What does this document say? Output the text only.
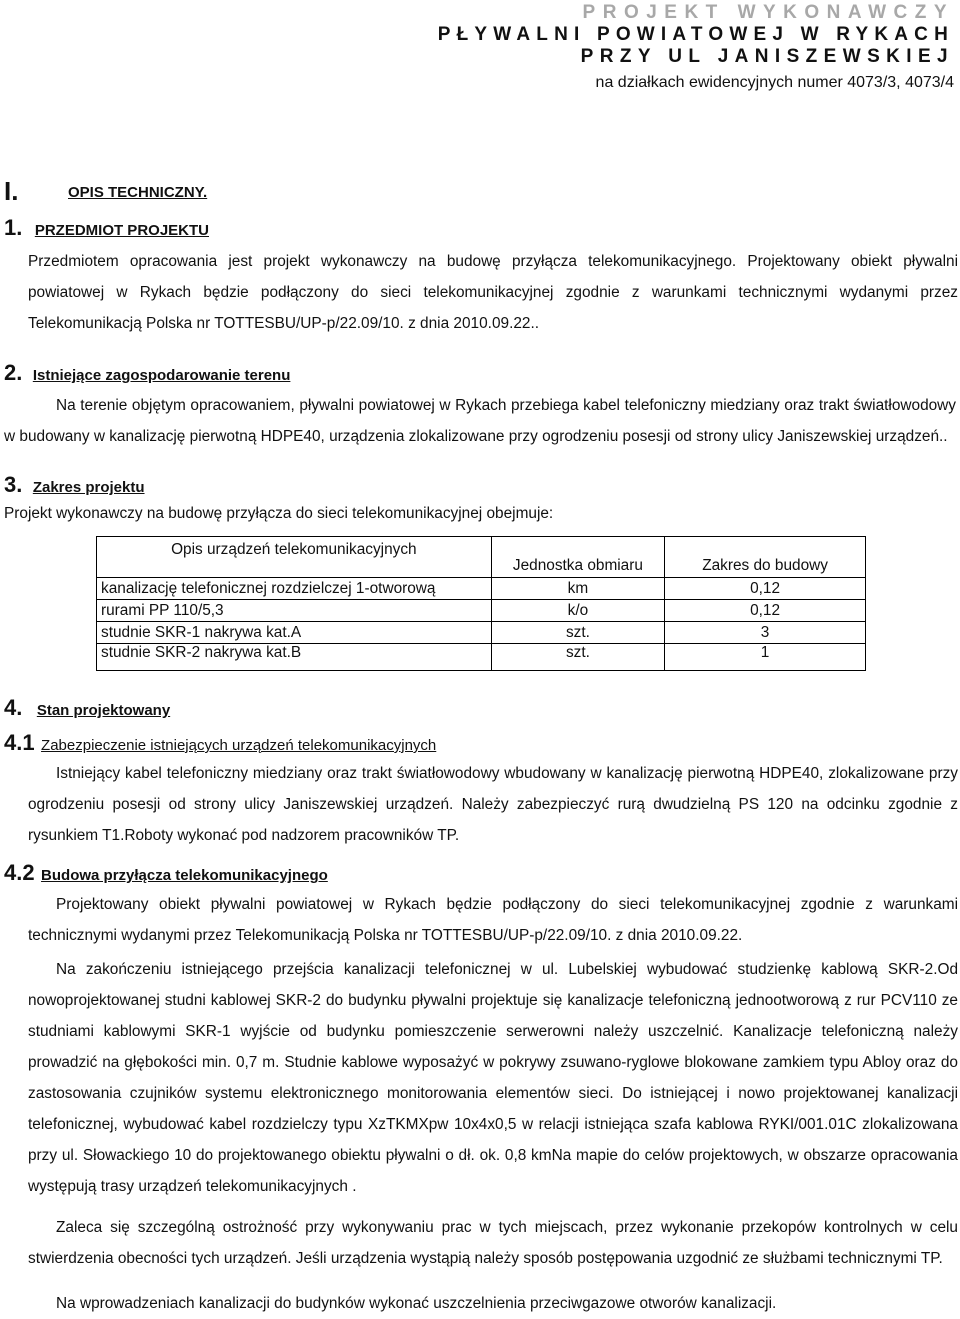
PROJEKT WYKONAWCZY
PŁYWALNI POWIATOWEJ W RYKACH
PRZY UL JANISZEWSKIEJ
na działkach ewidencyjnych numer 4073/3, 4073/4
I.	OPIS TECHNICZNY.
1. PRZEDMIOT PROJEKTU
Przedmiotem opracowania jest projekt wykonawczy na budowę przyłącza telekomunikacyjnego. Projektowany obiekt pływalni powiatowej w Rykach będzie podłączony do sieci telekomunikacyjnej zgodnie z warunkami technicznymi wydanymi przez Telekomunikacją Polska nr TOTTESBU/UP-p/22.09/10. z dnia 2010.09.22..
2. Istniejące zagospodarowanie terenu
Na terenie objętym opracowaniem, pływalni powiatowej w Rykach przebiega kabel telefoniczny miedziany oraz trakt światłowodowy w budowany w kanalizację pierwotną HDPE40, urządzenia zlokalizowane przy ogrodzeniu posesji od strony ulicy Janiszewskiej urządzeń..
3. Zakres projektu
Projekt wykonawczy na budowę przyłącza do sieci telekomunikacyjnej obejmuje:
Opis urządzeń telekomunikacyjnych	Jednostka obmiaru	Zakres do budowy
kanalizację telefonicznej rozdzielczej 1-otworową	km	0,12
rurami PP 110/5,3	k/o	0,12
studnie SKR-1 nakrywa kat.A	szt.	3
studnie SKR-2 nakrywa kat.B	szt.	1
4. Stan projektowany
4.1 Zabezpieczenie istniejących urządzeń telekomunikacyjnych
Istniejący kabel telefoniczny miedziany oraz trakt światłowodowy wbudowany w kanalizację pierwotną HDPE40, zlokalizowane przy ogrodzeniu posesji od strony ulicy Janiszewskiej urządzeń. Należy zabezpieczyć rurą dwudzielną PS 120 na odcinku zgodnie z rysunkiem T1.Roboty wykonać pod nadzorem pracowników TP.
4.2 Budowa przyłącza telekomunikacyjnego
Projektowany obiekt pływalni powiatowej w Rykach będzie podłączony do sieci telekomunikacyjnej zgodnie z warunkami technicznymi wydanymi przez Telekomunikacją Polska nr TOTTESBU/UP-p/22.09/10. z dnia 2010.09.22.
Na zakończeniu istniejącego przejścia kanalizacji telefonicznej w ul. Lubelskiej wybudować studzienkę kablową SKR-2.Od nowoprojektowanej studni kablowej SKR-2 do budynku pływalni projektuje się kanalizacje telefoniczną jednootworową z rur PCV110 ze studniami kablowymi SKR-1 wyjście od budynku pomieszczenie serwerowni należy uszczelnić. Kanalizacje telefoniczną należy prowadzić na głębokości min. 0,7 m. Studnie kablowe wyposażyć w pokrywy zsuwano-ryglowe blokowane zamkiem typu Abloy oraz do zastosowania czujników systemu elektronicznego monitorowania elementów sieci. Do istniejącej i nowo projektowanej kanalizacji telefonicznej, wybudować kabel rozdzielczy typu XzTKMXpw 10x4x0,5 w relacji istniejąca szafa kablowa RYKI/001.01C zlokalizowana przy ul. Słowackiego 10 do projektowanego obiektu pływalni o dł. ok. 0,8 kmNa mapie do celów projektowych, w obszarze opracowania występują trasy urządzeń telekomunikacyjnych .
Zaleca się szczególną ostrożność przy wykonywaniu prac w tych miejscach, przez wykonanie przekopów kontrolnych w celu stwierdzenia obecności tych urządzeń. Jeśli urządzenia wystąpią należy sposób postępowania uzgodnić ze służbami technicznymi TP.
Na wprowadzeniach kanalizacji do budynków wykonać uszczelnienia przeciwgazowe otworów kanalizacji.
